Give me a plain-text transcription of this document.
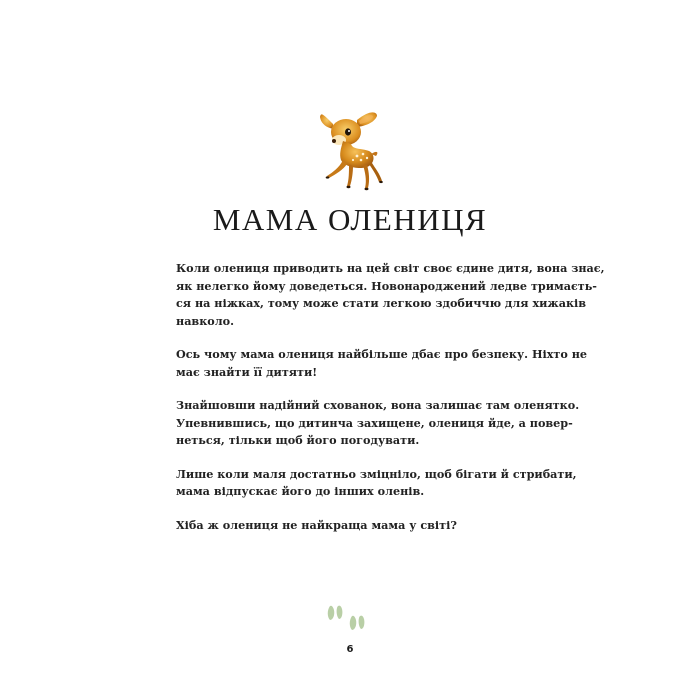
МАМА ОЛЕНИЦЯ

Коли олениця приводить на цей світ своє єдине дитя, вона знає,
як нелегко йому доведеться. Новонароджений ледве тримаєть-
ся на ніжках, тому може стати легкою здобиччю для хижаків
навколо.

Ось чому мама олениця найбільше дбає про безпеку. Ніхто не
має знайти її дитяти!

Знайшовши надійний схованок, вона залишає там оленятко.
Упевнившись, що дитинча захищене, олениця йде, а повер-
неться, тільки щоб його погодувати.

Лише коли маля достатньо зміцніло, щоб бігати й стрибати,
мама відпускає його до інших оленів.

Хіба ж олениця не найкраща мама у світі?

6
